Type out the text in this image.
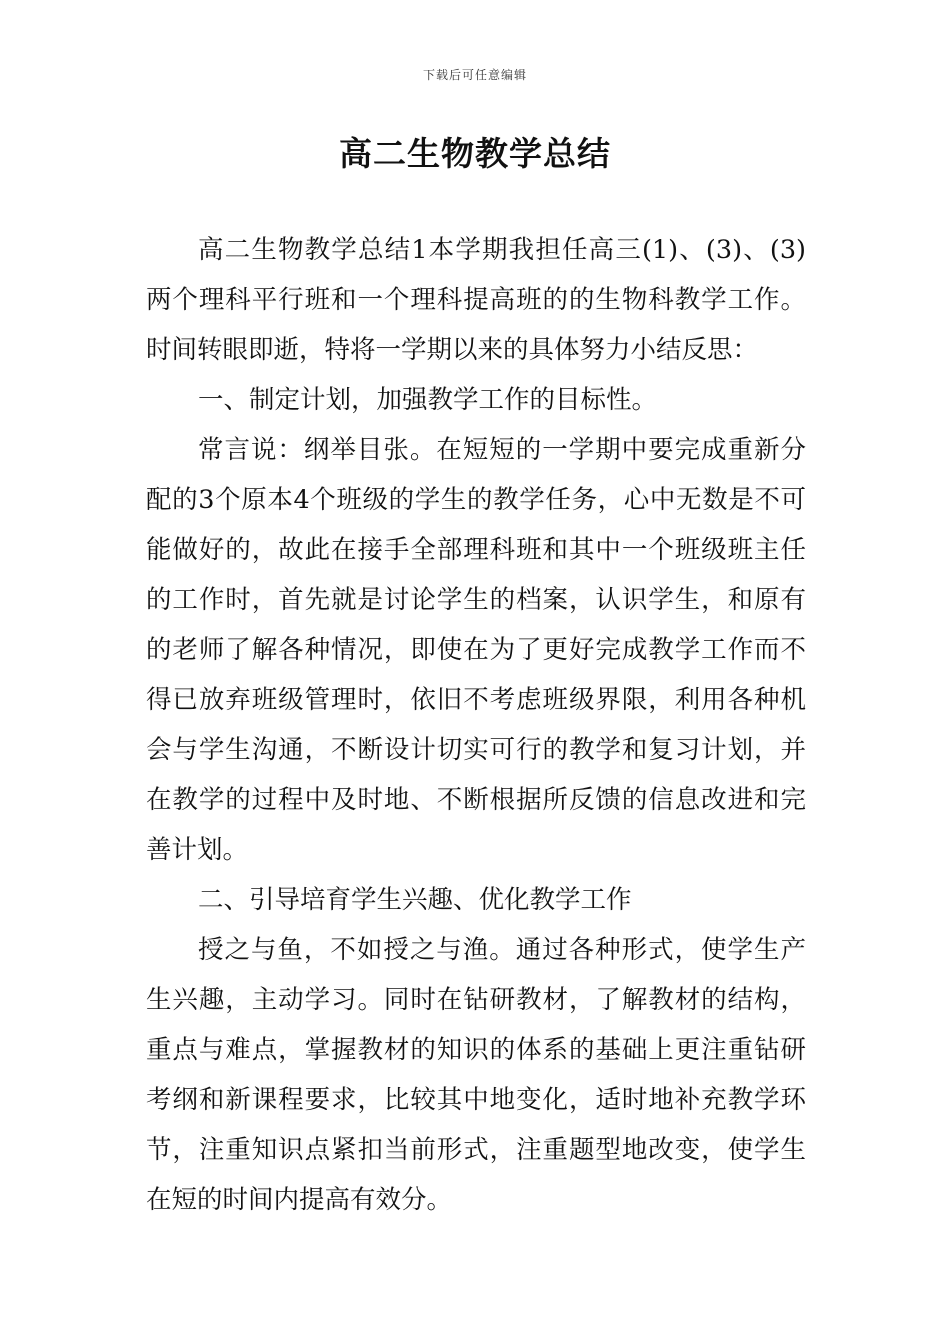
下载后可任意编辑
高二生物教学总结

高二生物教学总结1本学期我担任高三(1)、(3)、(3)两个理科平行班和一个理科提高班的的生物科教学工作。时间转眼即逝，特将一学期以来的具体努力小结反思：

一、制定计划，加强教学工作的目标性。

常言说：纲举目张。在短短的一学期中要完成重新分配的3个原本4个班级的学生的教学任务，心中无数是不可能做好的，故此在接手全部理科班和其中一个班级班主任的工作时，首先就是讨论学生的档案，认识学生，和原有的老师了解各种情况，即使在为了更好完成教学工作而不得已放弃班级管理时，依旧不考虑班级界限，利用各种机会与学生沟通，不断设计切实可行的教学和复习计划，并在教学的过程中及时地、不断根据所反馈的信息改进和完善计划。

二、引导培育学生兴趣、优化教学工作

授之与鱼，不如授之与渔。通过各种形式，使学生产生兴趣，主动学习。同时在钻研教材，了解教材的结构，重点与难点，掌握教材的知识的体系的基础上更注重钻研考纲和新课程要求，比较其中地变化，适时地补充教学环节，注重知识点紧扣当前形式，注重题型地改变，使学生在短的时间内提高有效分。
